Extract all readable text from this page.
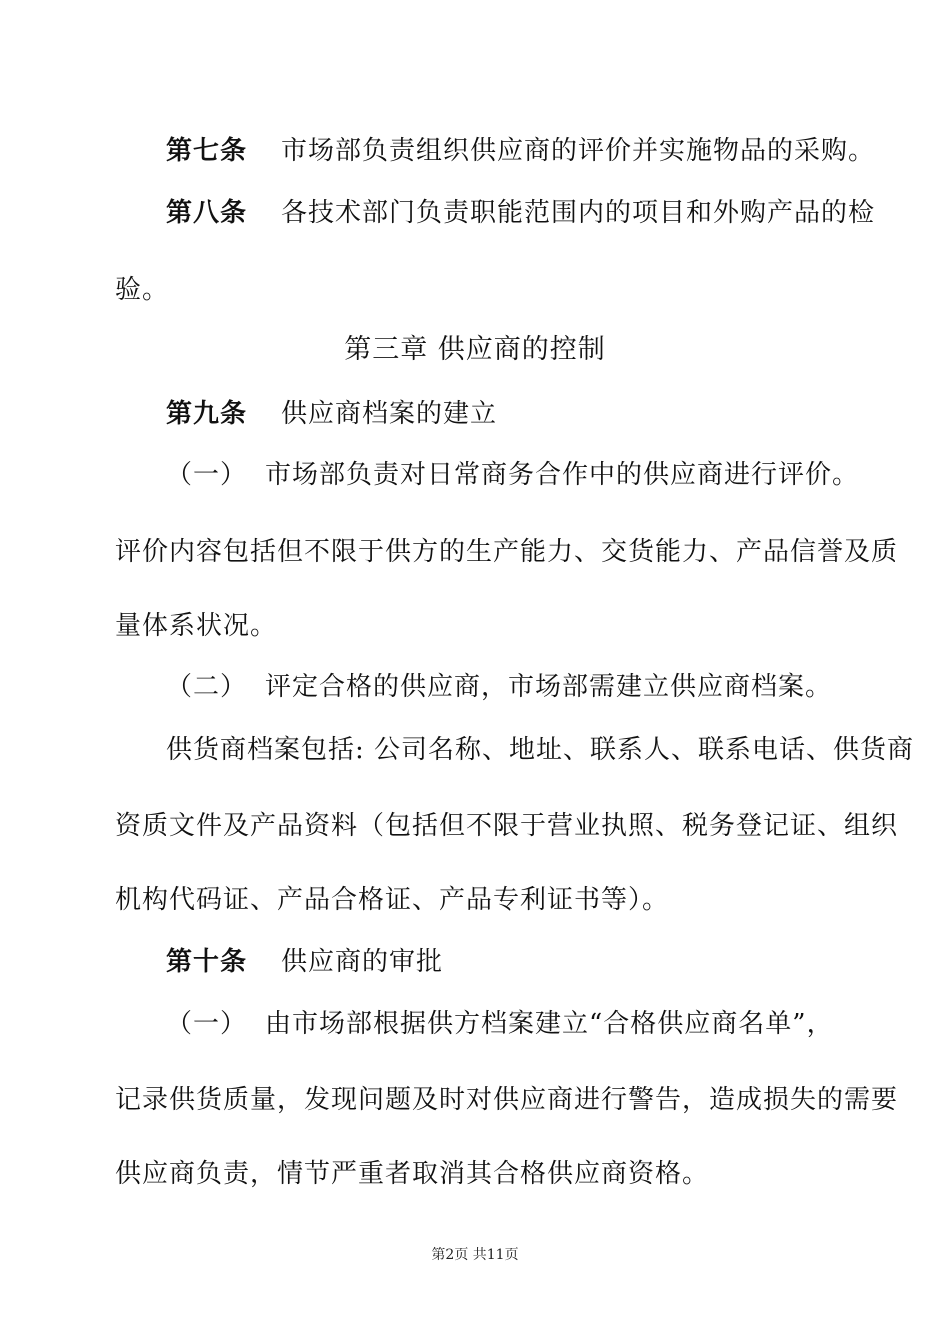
第七条 市场部负责组织供应商的评价并实施物品的采购。
第八条 各技术部门负责职能范围内的项目和外购产品的检
验。
第三章 供应商的控制
第九条 供应商档案的建立
（一） 市场部负责对日常商务合作中的供应商进行评价。
评价内容包括但不限于供方的生产能力、交货能力、产品信誉及质
量体系状况。
（二） 评定合格的供应商，市场部需建立供应商档案。
供货商档案包括: 公司名称、地址、联系人、联系电话、供货商
资质文件及产品资料（包括但不限于营业执照、税务登记证、组织
机构代码证、产品合格证、产品专利证书等）。
第十条 供应商的审批
（一） 由市场部根据供方档案建立“合格供应商名单”，
记录供货质量，发现问题及时对供应商进行警告，造成损失的需要
供应商负责，情节严重者取消其合格供应商资格。
第2页 共11页
